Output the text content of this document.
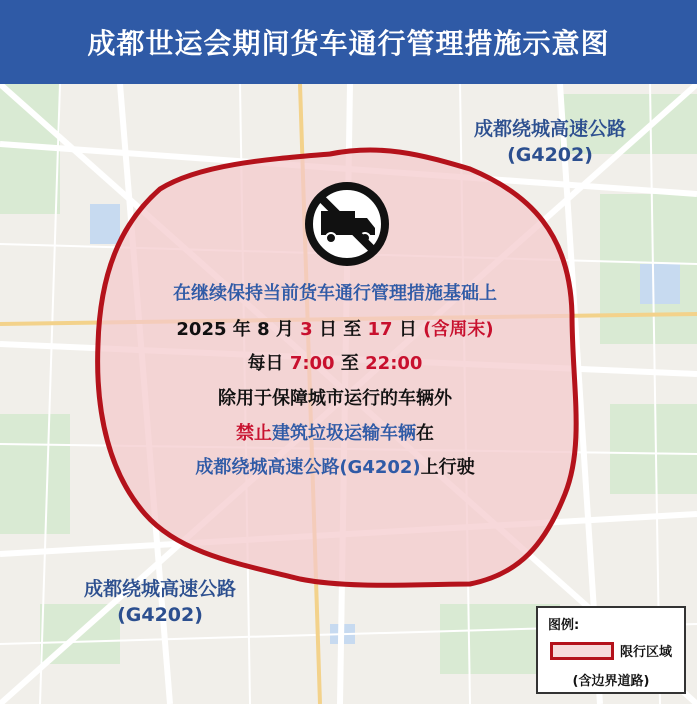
成都世运会期间货车通行管理措施示意图
成都绕城高速公路
(G4202)
成都绕城高速公路
(G4202)
在继续保持当前货车通行管理措施基础上
2025 年 8 月 3 日 至 17 日 (含周末)
每日 7:00 至 22:00
除用于保障城市运行的车辆外
禁止建筑垃圾运输车辆在
成都绕城高速公路(G4202)上行驶
图例:
限行区域
(含边界道路)
